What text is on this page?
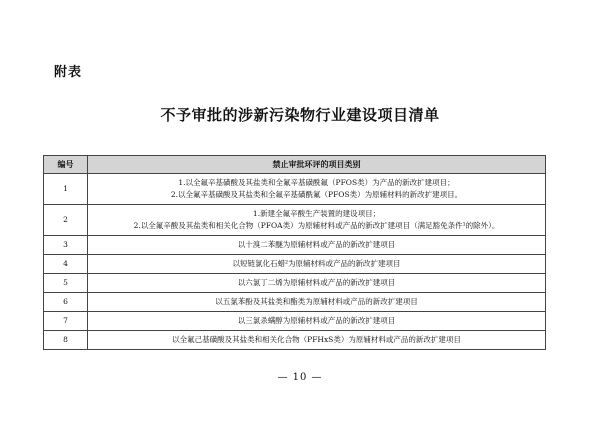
附表
不予审批的涉新污染物行业建设项目清单
编号	禁止审批环评的项目类别
1	1.以全氟辛基磺酸及其盐类和全氟辛基磺酰氟（PFOS类）为产品的新改扩建项目；
2.以全氟辛基磺酸及其盐类和全氟辛基磺酰氟（PFOS类）为原辅材料的新改扩建项目。

2	1.新建全氟辛酸生产装置的建设项目；
2.以全氟辛酸及其盐类和相关化合物（PFOA类）为原辅材料或产品的新改扩建项目（满足豁免条件¹的除外）。

3	以十溴二苯醚为原辅材料或产品的新改扩建项目

4	以短链氯化石蜡²为原辅材料或产品的新改扩建项目

5	以六氯丁二烯为原辅材料或产品的新改扩建项目

6	以五氯苯酚及其盐类和酯类为原辅材料或产品的新改扩建项目

7	以三氯杀螨醇为原辅材料或产品的新改扩建项目

8	以全氟己基磺酸及其盐类和相关化合物（PFHxS类）为原辅材料或产品的新改扩建项目
— 10 —
